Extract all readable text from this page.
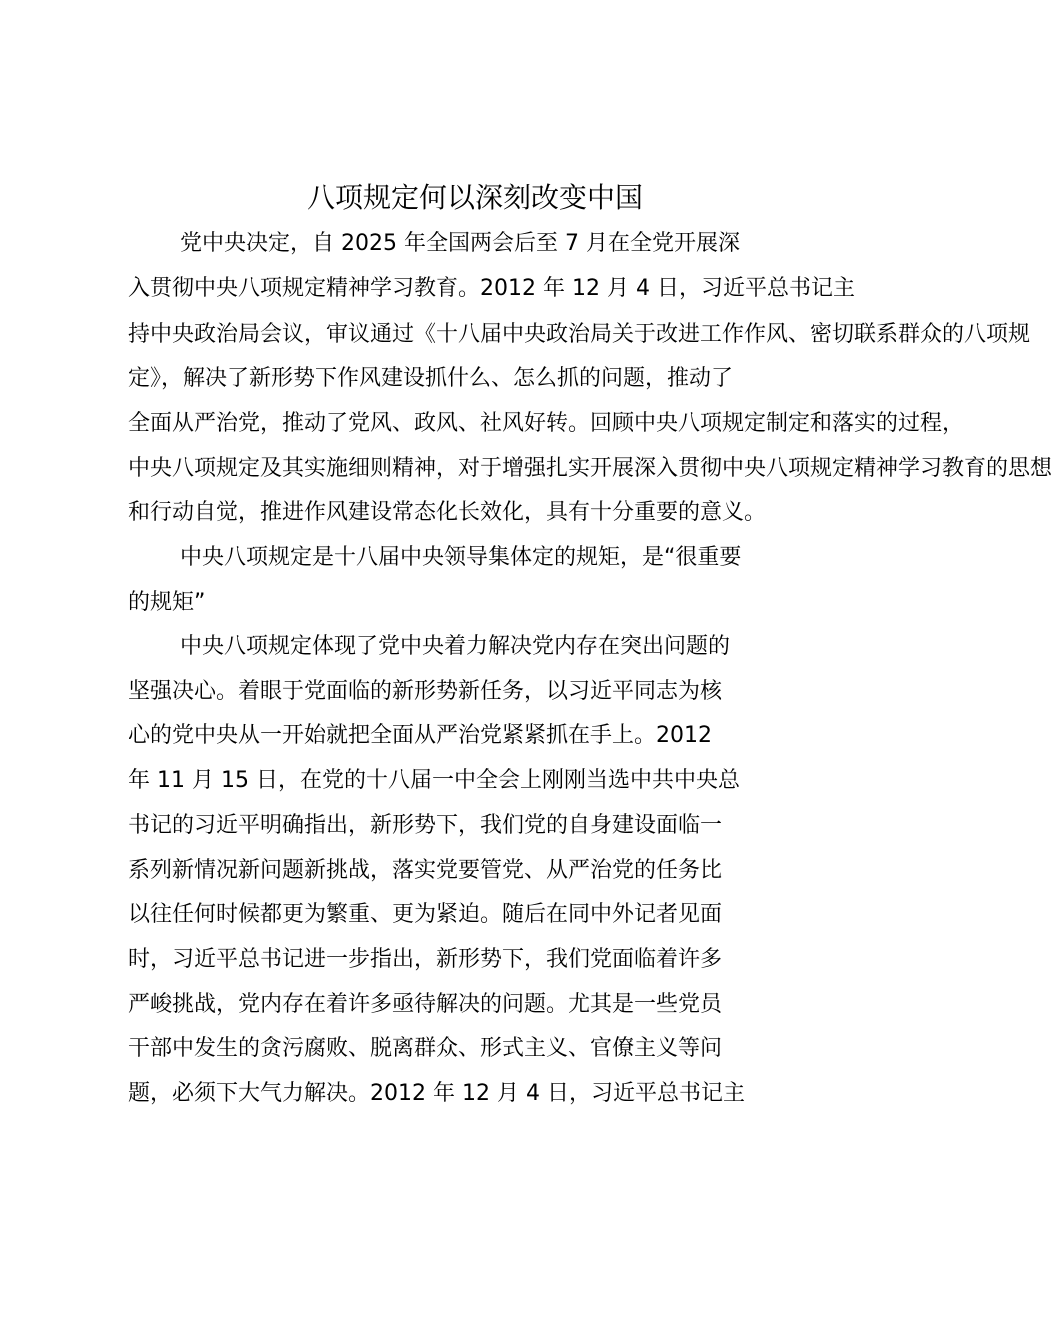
八项规定何以深刻改变中国
党中央决定，自 2025 年全国两会后至 7 月在全党开展深
入贯彻中央八项规定精神学习教育。2012 年 12 月 4 日，习近平总书记主
持中央政治局会议，审议通过《十八届中央政治局关于改进工作作风、密切联系群众的八项规
定》，解决了新形势下作风建设抓什么、怎么抓的问题，推动了
全面从严治党，推动了党风、政风、社风好转。回顾中央八项规定制定和落实的过程，
中央八项规定及其实施细则精神，对于增强扎实开展深入贯彻中央八项规定精神学习教育的思想
和行动自觉，推进作风建设常态化长效化，具有十分重要的意义。
中央八项规定是十八届中央领导集体定的规矩，是“很重要
的规矩”
中央八项规定体现了党中央着力解决党内存在突出问题的
坚强决心。着眼于党面临的新形势新任务，以习近平同志为核
心的党中央从一开始就把全面从严治党紧紧抓在手上。2012
年 11 月 15 日，在党的十八届一中全会上刚刚当选中共中央总
书记的习近平明确指出，新形势下，我们党的自身建设面临一
系列新情况新问题新挑战，落实党要管党、从严治党的任务比
以往任何时候都更为繁重、更为紧迫。随后在同中外记者见面
时，习近平总书记进一步指出，新形势下，我们党面临着许多
严峻挑战，党内存在着许多亟待解决的问题。尤其是一些党员
干部中发生的贪污腐败、脱离群众、形式主义、官僚主义等问
题，必须下大气力解决。2012 年 12 月 4 日，习近平总书记主
